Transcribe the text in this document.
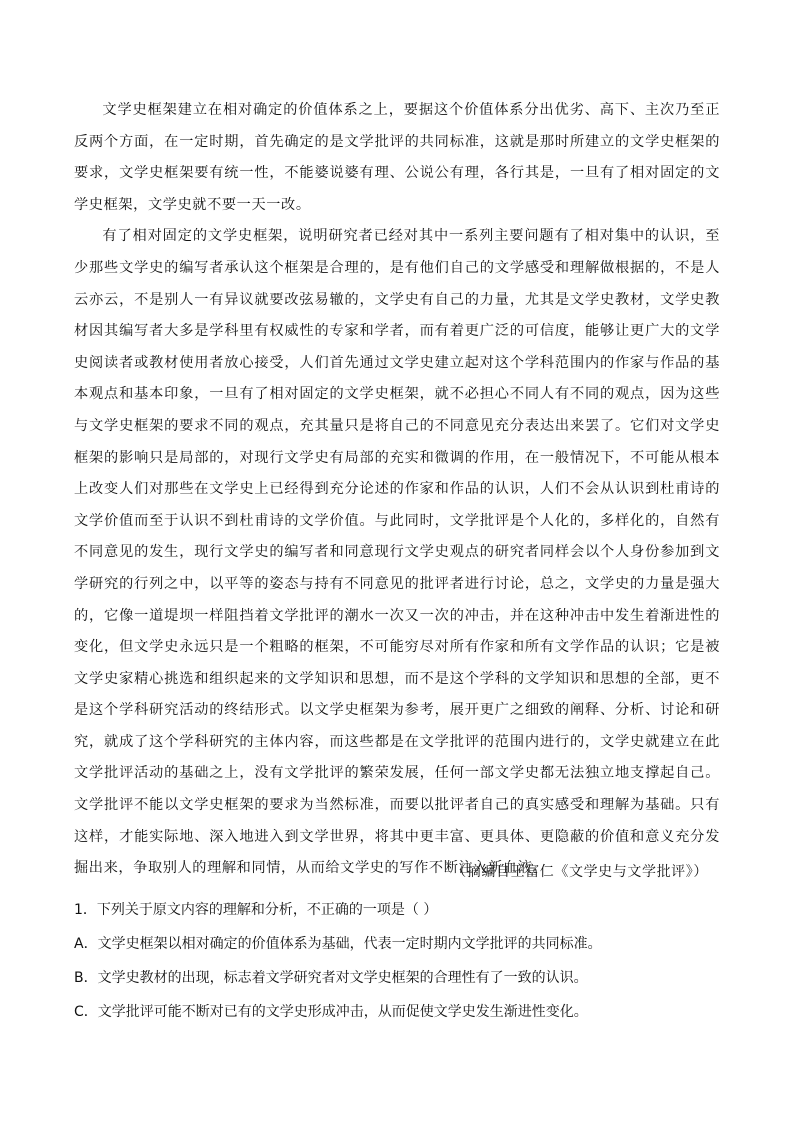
文学史框架建立在相对确定的价值体系之上，要据这个价值体系分出优劣、高下、主次乃至正反两个方面，在一定时期，首先确定的是文学批评的共同标准，这就是那时所建立的文学史框架的要求，文学史框架要有统一性，不能婆说婆有理、公说公有理，各行其是，一旦有了相对固定的文学史框架，文学史就不要一天一改。

有了相对固定的文学史框架，说明研究者已经对其中一系列主要问题有了相对集中的认识，至少那些文学史的编写者承认这个框架是合理的，是有他们自己的文学感受和理解做根据的，不是人云亦云，不是别人一有异议就要改弦易辙的，文学史有自己的力量，尤其是文学史教材，文学史教材因其编写者大多是学科里有权威性的专家和学者，而有着更广泛的可信度，能够让更广大的文学史阅读者或教材使用者放心接受，人们首先通过文学史建立起对这个学科范围内的作家与作品的基本观点和基本印象，一旦有了相对固定的文学史框架，就不必担心不同人有不同的观点，因为这些与文学史框架的要求不同的观点，充其量只是将自己的不同意见充分表达出来罢了。它们对文学史框架的影响只是局部的，对现行文学史有局部的充实和微调的作用，在一般情况下，不可能从根本上改变人们对那些在文学史上已经得到充分论述的作家和作品的认识，人们不会从认识到杜甫诗的文学价值而至于认识不到杜甫诗的文学价值。与此同时，文学批评是个人化的，多样化的，自然有不同意见的发生，现行文学史的编写者和同意现行文学史观点的研究者同样会以个人身份参加到文学研究的行列之中，以平等的姿态与持有不同意见的批评者进行讨论，总之，文学史的力量是强大的，它像一道堤坝一样阻挡着文学批评的潮水一次又一次的冲击，并在这种冲击中发生着渐进性的变化，但文学史永远只是一个粗略的框架，不可能穷尽对所有作家和所有文学作品的认识；它是被文学史家精心挑选和组织起来的文学知识和思想，而不是这个学科的文学知识和思想的全部，更不是这个学科研究活动的终结形式。以文学史框架为参考，展开更广之细致的阐释、分析、讨论和研究，就成了这个学科研究的主体内容，而这些都是在文学批评的范围内进行的，文学史就建立在此文学批评活动的基础之上，没有文学批评的繁荣发展，任何一部文学史都无法独立地支撑起自己。文学批评不能以文学史框架的要求为当然标准，而要以批评者自己的真实感受和理解为基础。只有这样，才能实际地、深入地进入到文学世界，将其中更丰富、更具体、更隐蔽的价值和意义充分发掘出来，争取别人的理解和同情，从而给文学史的写作不断注入新血液。

（摘编自王富仁《文学史与文学批评》）

1．下列关于原文内容的理解和分析，不正确的一项是（ ）

A．文学史框架以相对确定的价值体系为基础，代表一定时期内文学批评的共同标准。

B．文学史教材的出现，标志着文学研究者对文学史框架的合理性有了一致的认识。

C．文学批评可能不断对已有的文学史形成冲击，从而促使文学史发生渐进性变化。
